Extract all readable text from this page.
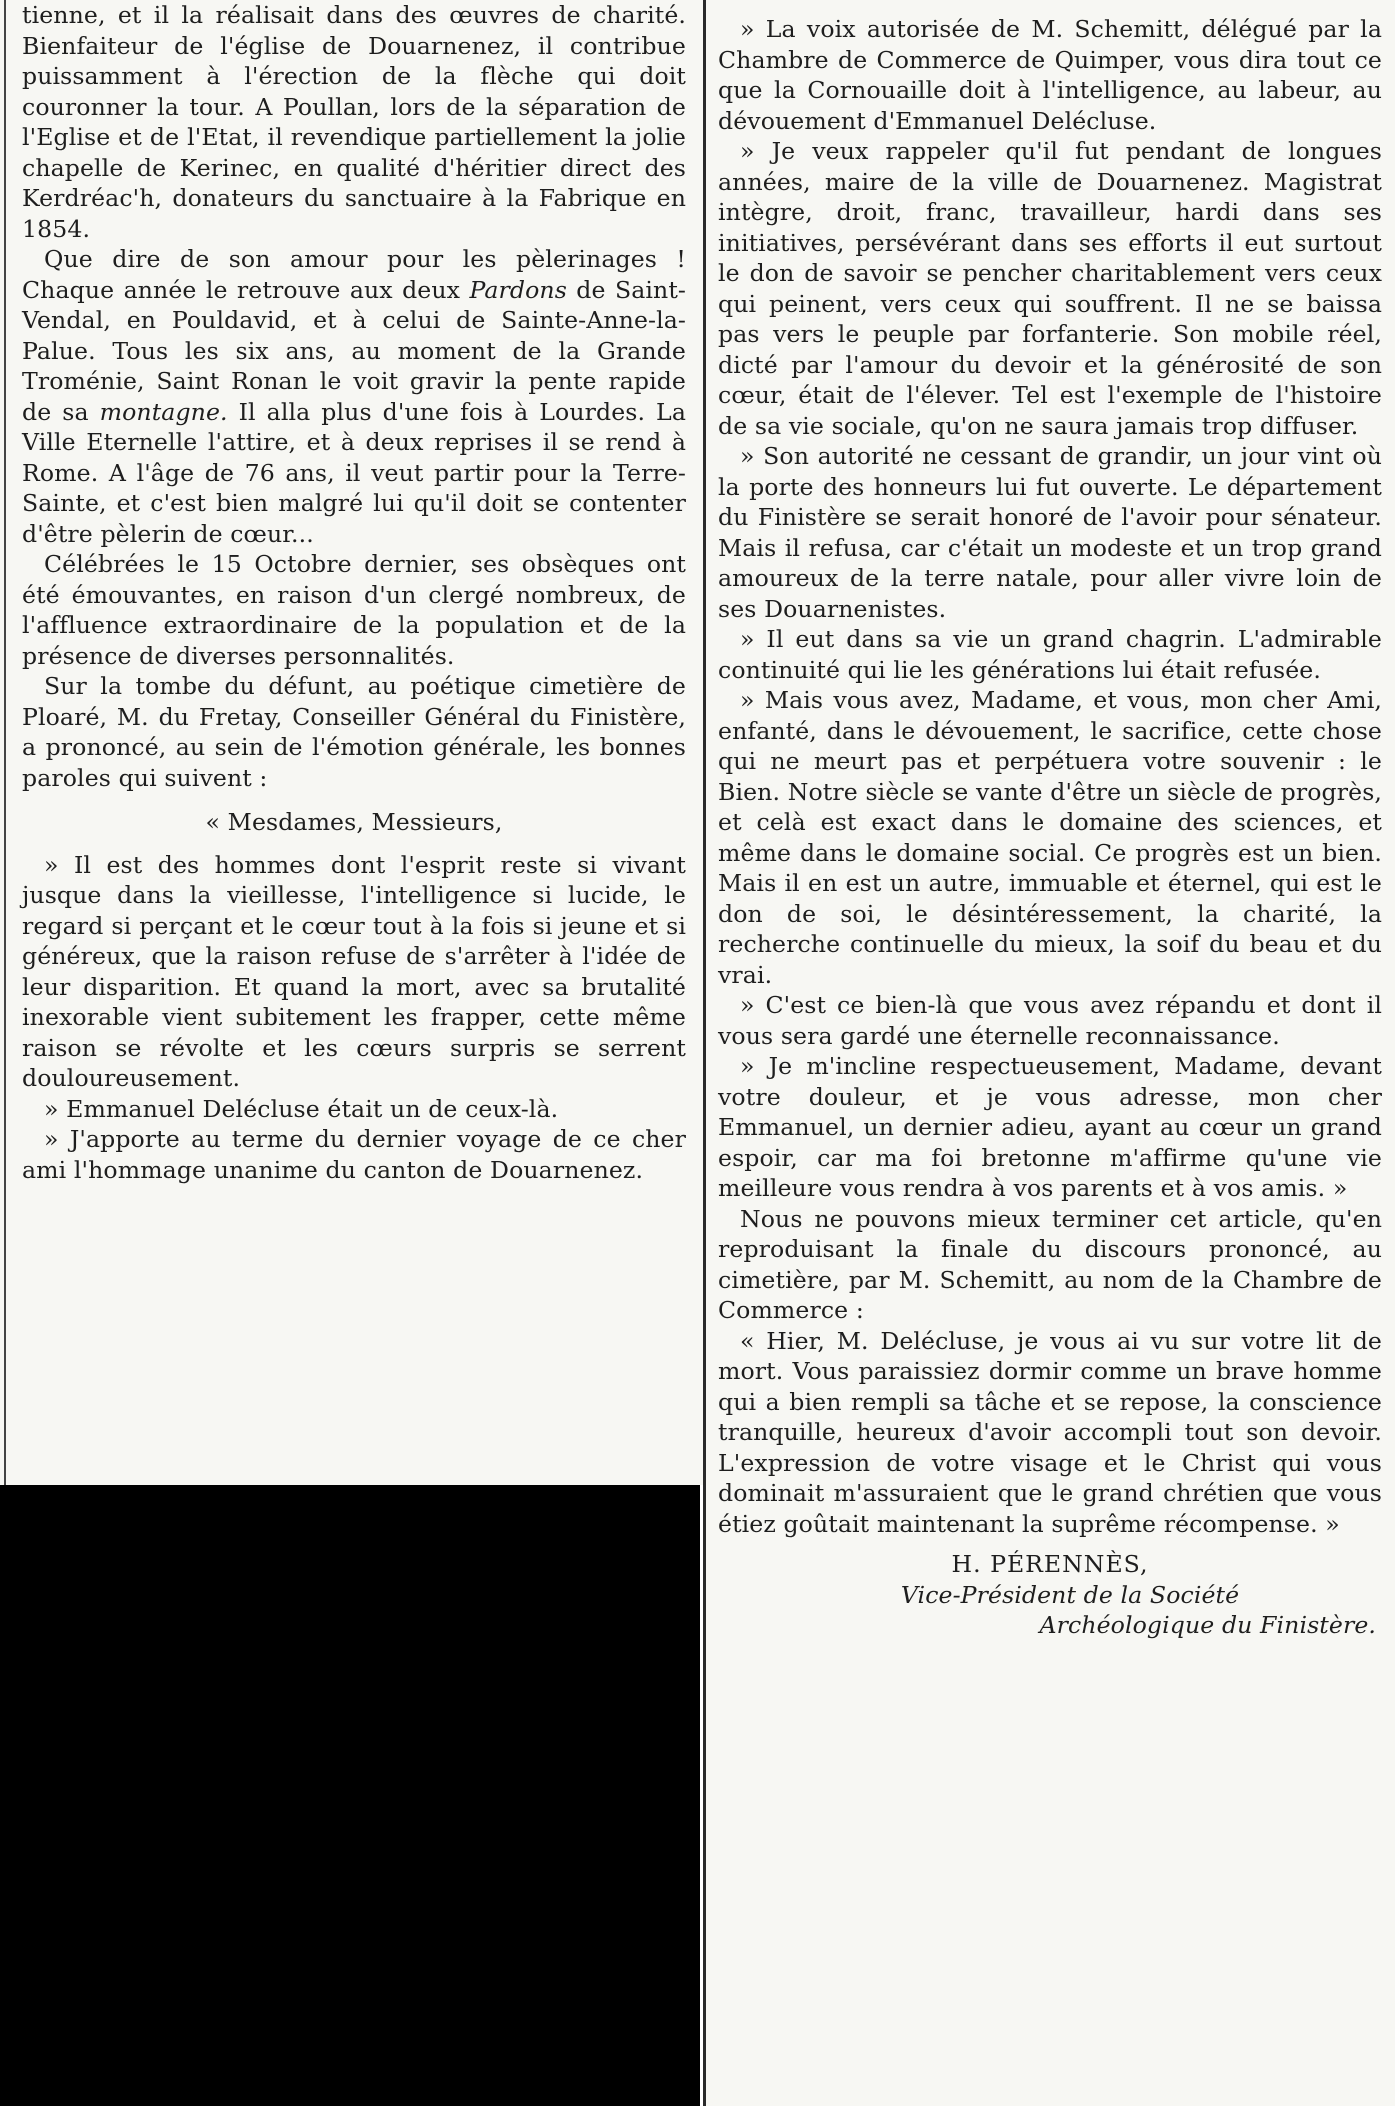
tienne, et il la réalisait dans des œuvres de charité. Bienfaiteur de l'église de Douarnenez, il contribue puissamment à l'érection de la flèche qui doit couronner la tour. A Poullan, lors de la séparation de l'Eglise et de l'Etat, il revendique partiellement la jolie chapelle de Kerinec, en qualité d'héritier direct des Kerdréac'h, donateurs du sanctuaire à la Fabrique en 1854.

Que dire de son amour pour les pèlerinages ! Chaque année le retrouve aux deux Pardons de Saint-Vendal, en Pouldavid, et à celui de Sainte-Anne-la-Palue. Tous les six ans, au moment de la Grande Troménie, Saint Ronan le voit gravir la pente rapide de sa montagne. Il alla plus d'une fois à Lourdes. La Ville Eternelle l'attire, et à deux reprises il se rend à Rome. A l'âge de 76 ans, il veut partir pour la Terre-Sainte, et c'est bien malgré lui qu'il doit se contenter d'être pèlerin de cœur...

Célébrées le 15 Octobre dernier, ses obsèques ont été émouvantes, en raison d'un clergé nombreux, de l'affluence extraordinaire de la population et de la présence de diverses personnalités.

Sur la tombe du défunt, au poétique cimetière de Ploaré, M. du Fretay, Conseiller Général du Finistère, a prononcé, au sein de l'émotion générale, les bonnes paroles qui suivent :

« Mesdames, Messieurs,

» Il est des hommes dont l'esprit reste si vivant jusque dans la vieillesse, l'intelligence si lucide, le regard si perçant et le cœur tout à la fois si jeune et si généreux, que la raison refuse de s'arrêter à l'idée de leur disparition. Et quand la mort, avec sa brutalité inexorable vient subitement les frapper, cette même raison se révolte et les cœurs surpris se serrent douloureusement.

» Emmanuel Delécluse était un de ceux-là.

» J'apporte au terme du dernier voyage de ce cher ami l'hommage unanime du canton de Douarnenez.

» La voix autorisée de M. Schemitt, délégué par la Chambre de Commerce de Quimper, vous dira tout ce que la Cornouaille doit à l'intelligence, au labeur, au dévouement d'Emmanuel Delécluse.

» Je veux rappeler qu'il fut pendant de longues années, maire de la ville de Douarnenez. Magistrat intègre, droit, franc, travailleur, hardi dans ses initiatives, persévérant dans ses efforts il eut surtout le don de savoir se pencher charitablement vers ceux qui peinent, vers ceux qui souffrent. Il ne se baissa pas vers le peuple par forfanterie. Son mobile réel, dicté par l'amour du devoir et la générosité de son cœur, était de l'élever. Tel est l'exemple de l'histoire de sa vie sociale, qu'on ne saura jamais trop diffuser.

» Son autorité ne cessant de grandir, un jour vint où la porte des honneurs lui fut ouverte. Le département du Finistère se serait honoré de l'avoir pour sénateur. Mais il refusa, car c'était un modeste et un trop grand amoureux de la terre natale, pour aller vivre loin de ses Douarnenistes.

» Il eut dans sa vie un grand chagrin. L'admirable continuité qui lie les générations lui était refusée.

» Mais vous avez, Madame, et vous, mon cher Ami, enfanté, dans le dévouement, le sacrifice, cette chose qui ne meurt pas et perpétuera votre souvenir : le Bien. Notre siècle se vante d'être un siècle de progrès, et celà est exact dans le domaine des sciences, et même dans le domaine social. Ce progrès est un bien. Mais il en est un autre, immuable et éternel, qui est le don de soi, le désintéressement, la charité, la recherche continuelle du mieux, la soif du beau et du vrai.

» C'est ce bien-là que vous avez répandu et dont il vous sera gardé une éternelle reconnaissance.

» Je m'incline respectueusement, Madame, devant votre douleur, et je vous adresse, mon cher Emmanuel, un dernier adieu, ayant au cœur un grand espoir, car ma foi bretonne m'affirme qu'une vie meilleure vous rendra à vos parents et à vos amis. »

Nous ne pouvons mieux terminer cet article, qu'en reproduisant la finale du discours prononcé, au cimetière, par M. Schemitt, au nom de la Chambre de Commerce :

« Hier, M. Delécluse, je vous ai vu sur votre lit de mort. Vous paraissiez dormir comme un brave homme qui a bien rempli sa tâche et se repose, la conscience tranquille, heureux d'avoir accompli tout son devoir. L'expression de votre visage et le Christ qui vous dominait m'assuraient que le grand chrétien que vous étiez goûtait maintenant la suprême récompense. »

H. PÉRENNÈS,
Vice-Président de la Société
Archéologique du Finistère.
